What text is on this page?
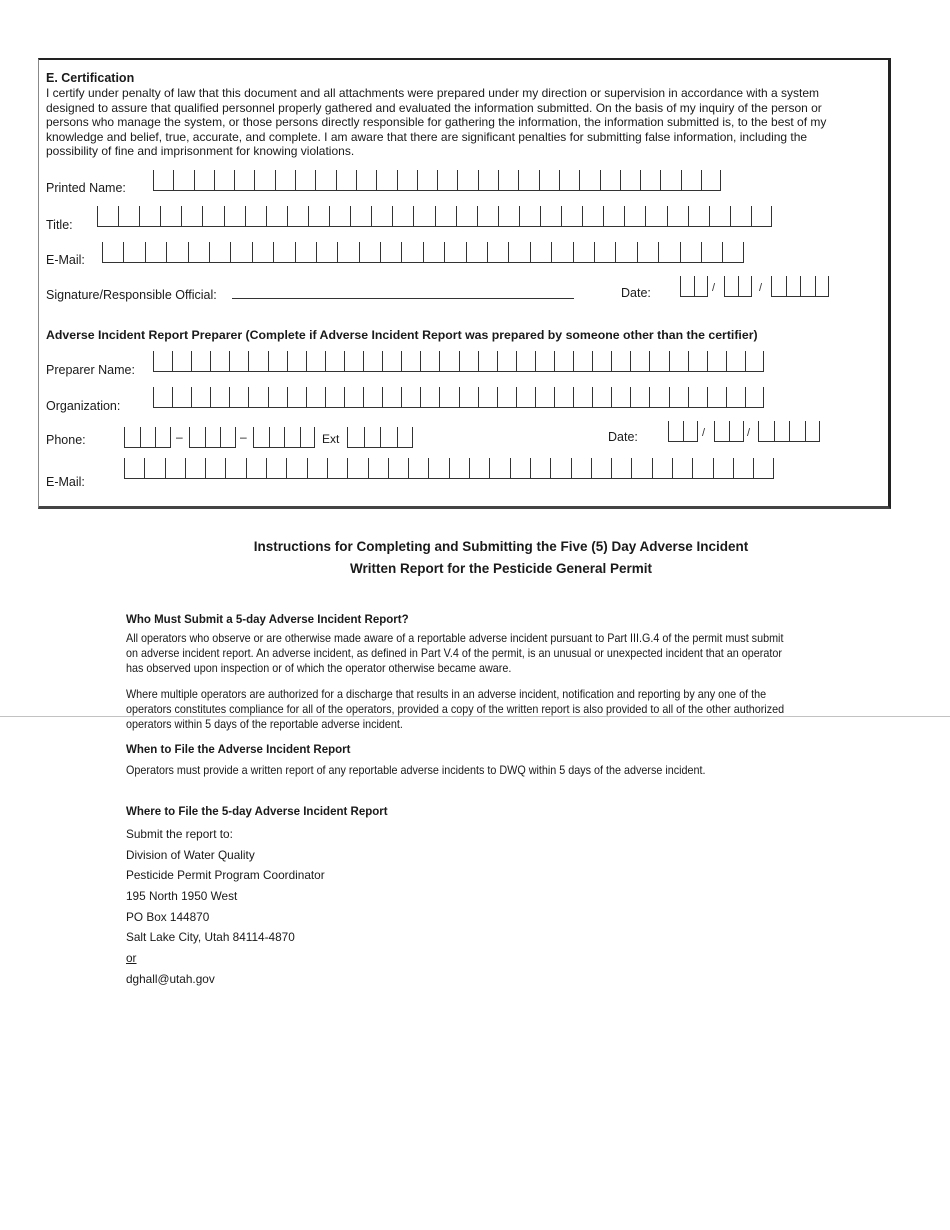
E. Certification
I certify under penalty of law that this document and all attachments were prepared under my direction or supervision in accordance with a system designed to assure that qualified personnel properly gathered and evaluated the information submitted. On the basis of my inquiry of the person or persons who manage the system, or those persons directly responsible for gathering the information, the information submitted is, to the best of my knowledge and belief, true, accurate, and complete. I am aware that there are significant penalties for submitting false information, including the possibility of fine and imprisonment for knowing violations.
Printed Name:
Title:
E-Mail:
Signature/Responsible Official:	Date:	/	/
Adverse Incident Report Preparer (Complete if Adverse Incident Report was prepared by someone other than the certifier)
Preparer Name:
Organization:
Phone:	–	–	Ext	Date:	/	/
E-Mail:
Instructions for Completing and Submitting the Five (5) Day Adverse Incident
Written Report for the Pesticide General Permit
Who Must Submit a 5-day Adverse Incident Report?
All operators who observe or are otherwise made aware of a reportable adverse incident pursuant to Part III.G.4 of the permit must submit on adverse incident report. An adverse incident, as defined in Part V.4 of the permit, is an unusual or unexpected incident that an operator has observed upon inspection or of which the operator otherwise became aware.
Where multiple operators are authorized for a discharge that results in an adverse incident, notification and reporting by any one of the operators constitutes compliance for all of the operators, provided a copy of the written report is also provided to all of the other authorized operators within 5 days of the reportable adverse incident.
When to File the Adverse Incident Report
Operators must provide a written report of any reportable adverse incidents to DWQ within 5 days of the adverse incident.
Where to File the 5-day Adverse Incident Report
Submit the report to:
Division of Water Quality
Pesticide Permit Program Coordinator
195 North 1950 West
PO Box 144870
Salt Lake City, Utah 84114-4870
or
dghall@utah.gov
